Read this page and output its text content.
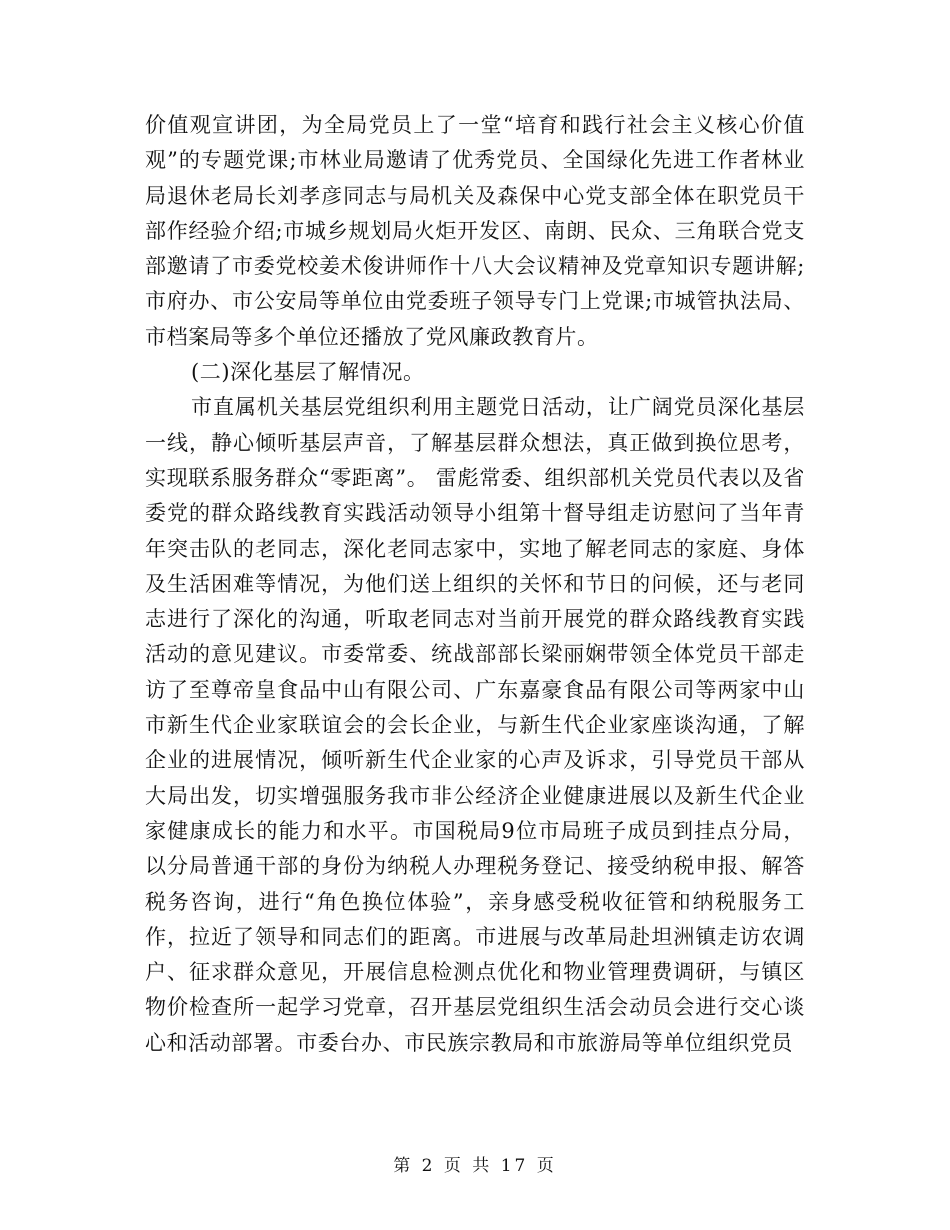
价值观宣讲团，为全局党员上了一堂“培育和践行社会主义核心价值观”的专题党课;市林业局邀请了优秀党员、全国绿化先进工作者林业局退休老局长刘孝彦同志与局机关及森保中心党支部全体在职党员干部作经验介绍;市城乡规划局火炬开发区、南朗、民众、三角联合党支部邀请了市委党校姜术俊讲师作十八大会议精神及党章知识专题讲解;市府办、市公安局等单位由党委班子领导专门上党课;市城管执法局、市档案局等多个单位还播放了党风廉政教育片。

(二)深化基层了解情况。

市直属机关基层党组织利用主题党日活动，让广阔党员深化基层一线，静心倾听基层声音，了解基层群众想法，真正做到换位思考，实现联系服务群众“零距离”。 雷彪常委、组织部机关党员代表以及省委党的群众路线教育实践活动领导小组第十督导组走访慰问了当年青年突击队的老同志，深化老同志家中，实地了解老同志的家庭、身体及生活困难等情况，为他们送上组织的关怀和节日的问候，还与老同志进行了深化的沟通，听取老同志对当前开展党的群众路线教育实践活动的意见建议。市委常委、统战部部长梁丽娴带领全体党员干部走访了至尊帝皇食品中山有限公司、广东嘉豪食品有限公司等两家中山市新生代企业家联谊会的会长企业，与新生代企业家座谈沟通，了解企业的进展情况，倾听新生代企业家的心声及诉求，引导党员干部从大局出发，切实增强服务我市非公经济企业健康进展以及新生代企业家健康成长的能力和水平。市国税局9位市局班子成员到挂点分局，以分局普通干部的身份为纳税人办理税务登记、接受纳税申报、解答税务咨询，进行“角色换位体验”，亲身感受税收征管和纳税服务工作，拉近了领导和同志们的距离。市进展与改革局赴坦洲镇走访农调户、征求群众意见，开展信息检测点优化和物业管理费调研，与镇区物价检查所一起学习党章，召开基层党组织生活会动员会进行交心谈心和活动部署。市委台办、市民族宗教局和市旅游局等单位组织党员

第 2 页 共 17 页
